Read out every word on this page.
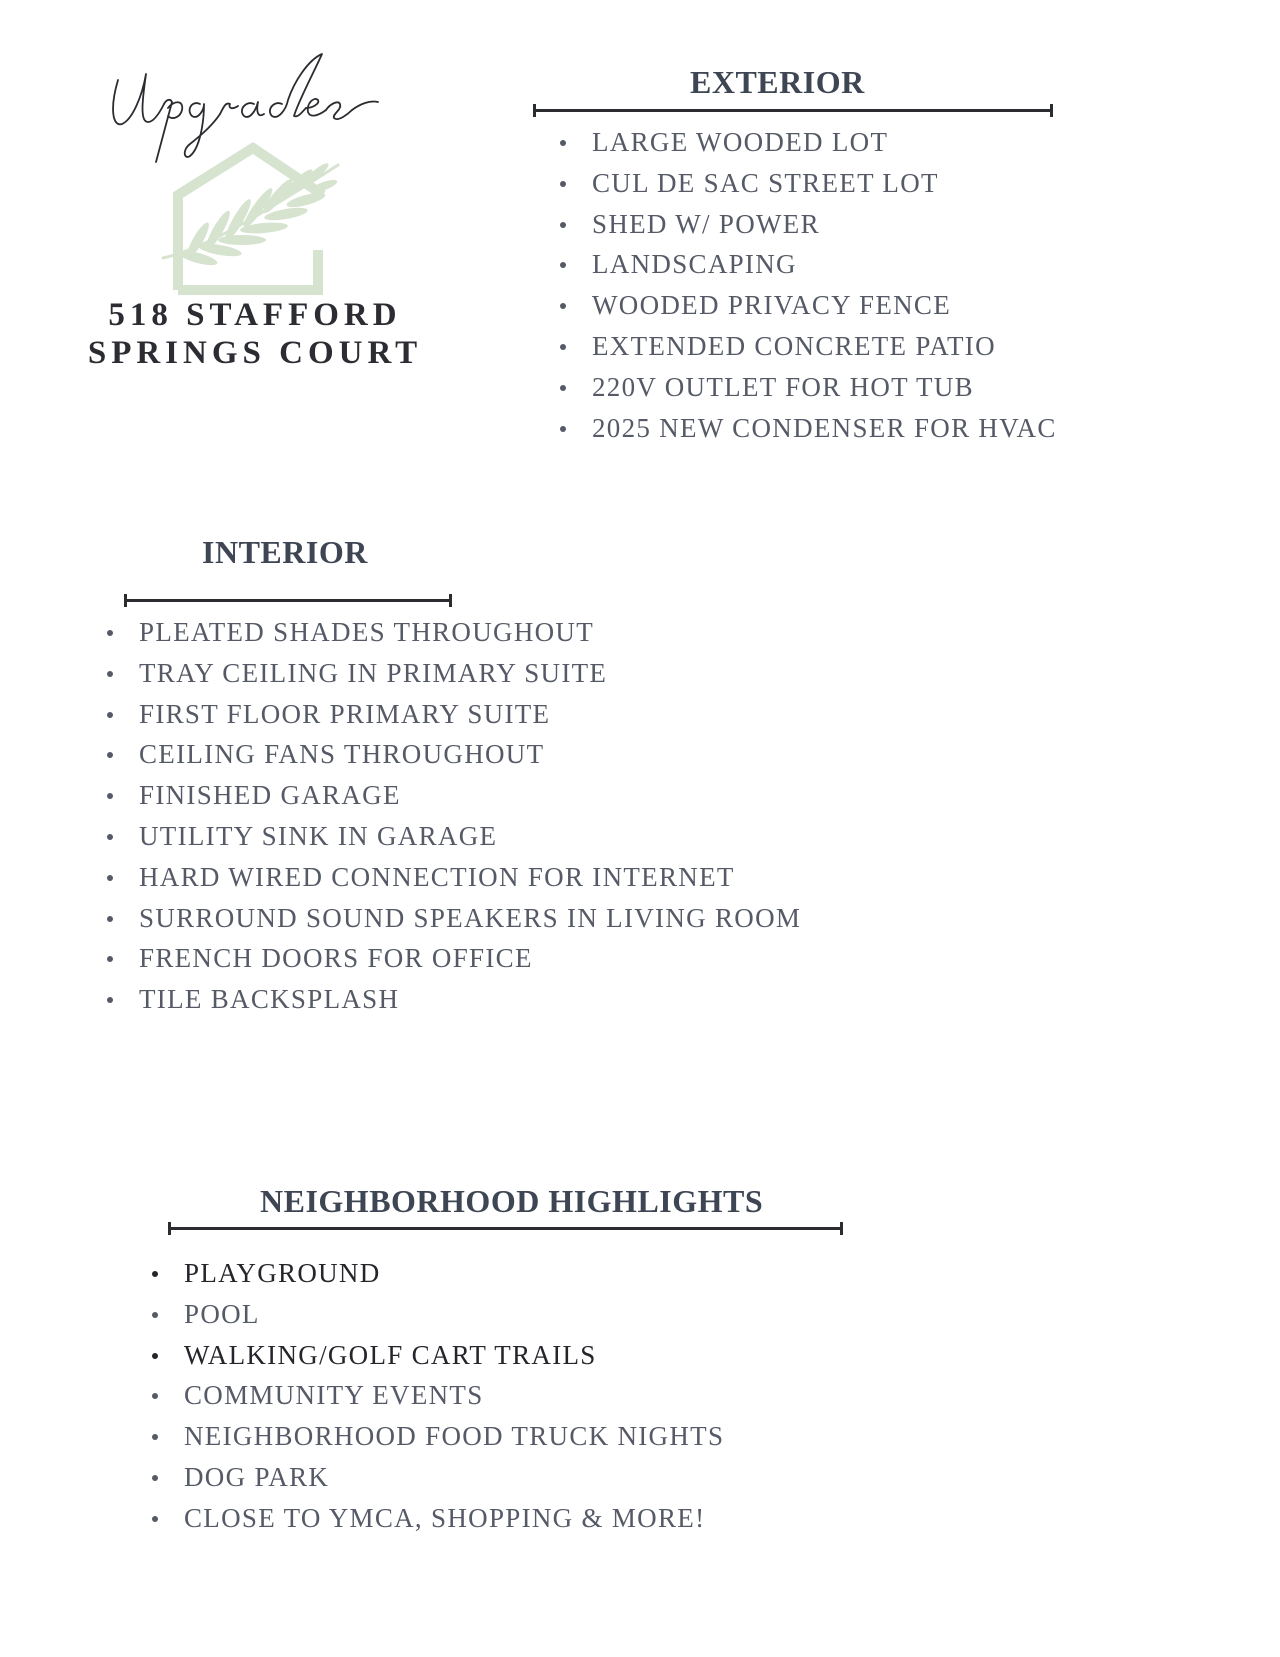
518 STAFFORD
SPRINGS COURT
EXTERIOR
LARGE WOODED LOT
CUL DE SAC STREET LOT
SHED W/ POWER
LANDSCAPING
WOODED PRIVACY FENCE
EXTENDED CONCRETE PATIO
220V OUTLET FOR HOT TUB
2025 NEW CONDENSER FOR HVAC
INTERIOR
PLEATED SHADES THROUGHOUT
TRAY CEILING IN PRIMARY SUITE
FIRST FLOOR PRIMARY SUITE
CEILING FANS THROUGHOUT
FINISHED GARAGE
UTILITY SINK IN GARAGE
HARD WIRED CONNECTION FOR INTERNET
SURROUND SOUND SPEAKERS IN LIVING ROOM
FRENCH DOORS FOR OFFICE
TILE BACKSPLASH
NEIGHBORHOOD HIGHLIGHTS
PLAYGROUND
POOL
WALKING/GOLF CART TRAILS
COMMUNITY EVENTS
NEIGHBORHOOD FOOD TRUCK NIGHTS
DOG PARK
CLOSE TO YMCA, SHOPPING & MORE!
